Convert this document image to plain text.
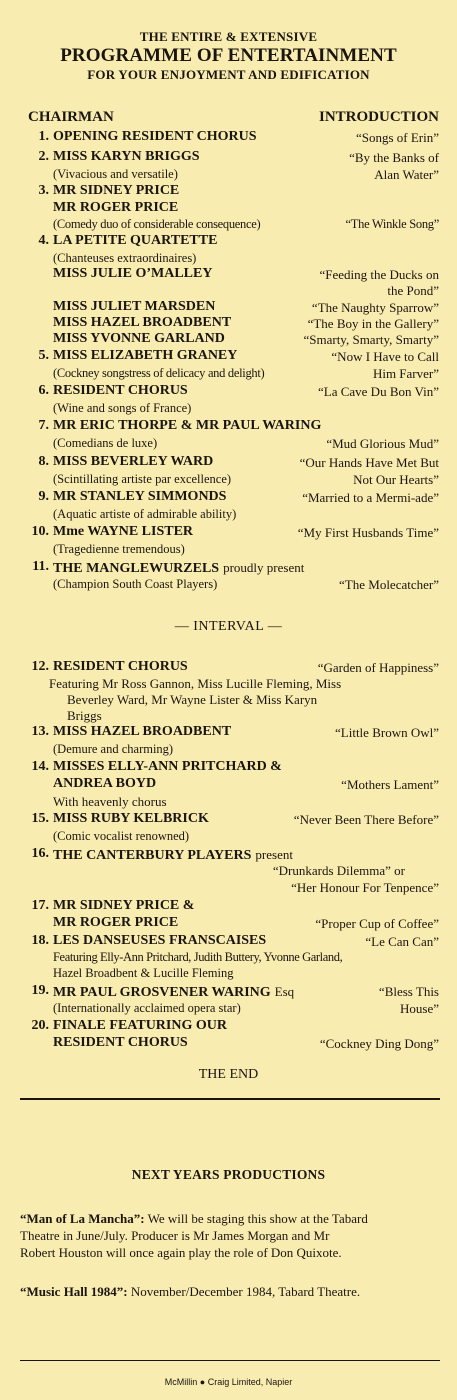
THE ENTIRE & EXTENSIVE
PROGRAMME OF ENTERTAINMENT
FOR YOUR ENJOYMENT AND EDIFICATION
CHAIRMAN	INTRODUCTION
1. OPENING RESIDENT CHORUS	“Songs of Erin”
2. MISS KARYN BRIGGS
(Vivacious and versatile)
“By the Banks of
Alan Water”
3. MR SIDNEY PRICE
MR ROGER PRICE
(Comedy duo of considerable consequence)	“The Winkle Song”
4. LA PETITE QUARTETTE
(Chanteuses extraordinaires)
MISS JULIE O’MALLEY	“Feeding the Ducks on
the Pond”
MISS JULIET MARSDEN	“The Naughty Sparrow”
MISS HAZEL BROADBENT	“The Boy in the Gallery”
MISS YVONNE GARLAND	“Smarty, Smarty, Smarty”
5. MISS ELIZABETH GRANEY	“Now I Have to Call
(Cockney songstress of delicacy and delight)	Him Farver”
6. RESIDENT CHORUS	“La Cave Du Bon Vin”
(Wine and songs of France)
7. MR ERIC THORPE & MR PAUL WARING
(Comedians de luxe)	“Mud Glorious Mud”
8. MISS BEVERLEY WARD	“Our Hands Have Met But
(Scintillating artiste par excellence)	Not Our Hearts”
9. MR STANLEY SIMMONDS	“Married to a Mermi-ade”
(Aquatic artiste of admirable ability)
10. Mme WAYNE LISTER	“My First Husbands Time”
(Tragedienne tremendous)
11. THE MANGLEWURZELS proudly present
(Champion South Coast Players)	“The Molecatcher”
— INTERVAL —
12. RESIDENT CHORUS	“Garden of Happiness”
Featuring Mr Ross Gannon, Miss Lucille Fleming, Miss
Beverley Ward, Mr Wayne Lister & Miss Karyn
Briggs
13. MISS HAZEL BROADBENT	“Little Brown Owl”
(Demure and charming)
14. MISSES ELLY-ANN PRITCHARD &
ANDREA BOYD	“Mothers Lament”
With heavenly chorus
15. MISS RUBY KELBRICK	“Never Been There Before”
(Comic vocalist renowned)
16. THE CANTERBURY PLAYERS present
“Drunkards Dilemma” or
“Her Honour For Tenpence”
17. MR SIDNEY PRICE &
MR ROGER PRICE	“Proper Cup of Coffee”
18. LES DANSEUSES FRANSCAISES	“Le Can Can”
Featuring Elly-Ann Pritchard, Judith Buttery, Yvonne Garland,
Hazel Broadbent & Lucille Fleming
19. MR PAUL GROSVENER WARING Esq	“Bless This
(Internationally acclaimed opera star)	House”
20. FINALE FEATURING OUR
RESIDENT CHORUS	“Cockney Ding Dong”
THE END
NEXT YEARS PRODUCTIONS
“Man of La Mancha”: We will be staging this show at the Tabard
Theatre in June/July. Producer is Mr James Morgan and Mr
Robert Houston will once again play the role of Don Quixote.
“Music Hall 1984”: November/December 1984, Tabard Theatre.
McMillin ● Craig Limited, Napier
